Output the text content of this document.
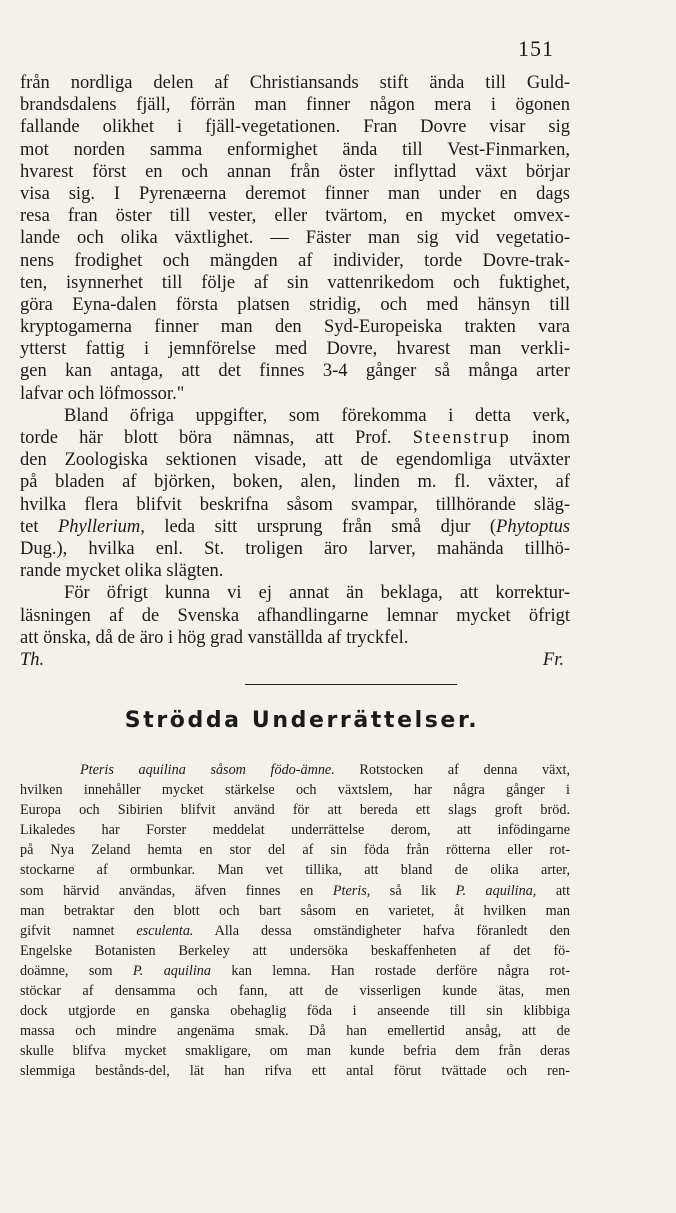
151
från nordliga delen af Christiansands stift ända till Guld-
brandsdalens fjäll, förrän man finner någon mera i ögonen
fallande olikhet i fjäll-vegetationen. Fran Dovre visar sig
mot norden samma enformighet ända till Vest-Finmarken,
hvarest först en och annan från öster inflyttad växt börjar
visa sig. I Pyrenæerna deremot finner man under en dags
resa fran öster till vester, eller tvärtom, en mycket omvex-
lande och olika växtlighet. — Fäster man sig vid vegetatio-
nens frodighet och mängden af individer, torde Dovre-trak-
ten, isynnerhet till följe af sin vattenrikedom och fuktighet,
göra Eyna-dalen första platsen stridig, och med hänsyn till
kryptogamerna finner man den Syd-Europeiska trakten vara
ytterst fattig i jemnförelse med Dovre, hvarest man verkli-
gen kan antaga, att det finnes 3-4 gånger så många arter
lafvar och löfmossor."
Bland öfriga uppgifter, som förekomma i detta verk,
torde här blott böra nämnas, att Prof. Steenstrup inom
den Zoologiska sektionen visade, att de egendomliga utväxter
på bladen af björken, boken, alen, linden m. fl. växter, af
hvilka flera blifvit beskrifna såsom svampar, tillhörande släg-
tet Phyllerium, leda sitt ursprung från små djur (Phytoptus
Dug.), hvilka enl. St. troligen äro larver, mahända tillhö-
rande mycket olika slägten.
För öfrigt kunna vi ej annat än beklaga, att korrektur-
läsningen af de Svenska afhandlingarne lemnar mycket öfrigt
att önska, då de äro i hög grad vanställda af tryckfel.
Th. Fr.
Strödda Underrättelser.
Pteris aquilina såsom födo-ämne. Rotstocken af denna växt,
hvilken innehåller mycket stärkelse och växtslem, har några gånger i
Europa och Sibirien blifvit använd för att bereda ett slags groft bröd.
Likaledes har Forster meddelat underrättelse derom, att infödingarne
på Nya Zeland hemta en stor del af sin föda från rötterna eller rot-
stockarne af ormbunkar. Man vet tillika, att bland de olika arter,
som härvid användas, äfven finnes en Pteris, så lik P. aquilina, att
man betraktar den blott och bart såsom en varietet, åt hvilken man
gifvit namnet esculenta. Alla dessa omständigheter hafva föranledt den
Engelske Botanisten Berkeley att undersöka beskaffenheten af det fö-
doämne, som P. aquilina kan lemna. Han rostade derföre några rot-
stöckar af densamma och fann, att de visserligen kunde ätas, men
dock utgjorde en ganska obehaglig föda i anseende till sin klibbiga
massa och mindre angenäma smak. Då han emellertid ansåg, att de
skulle blifva mycket smakligare, om man kunde befria dem från deras
slemmiga bestånds-del, lät han rifva ett antal förut tvättade och ren-
